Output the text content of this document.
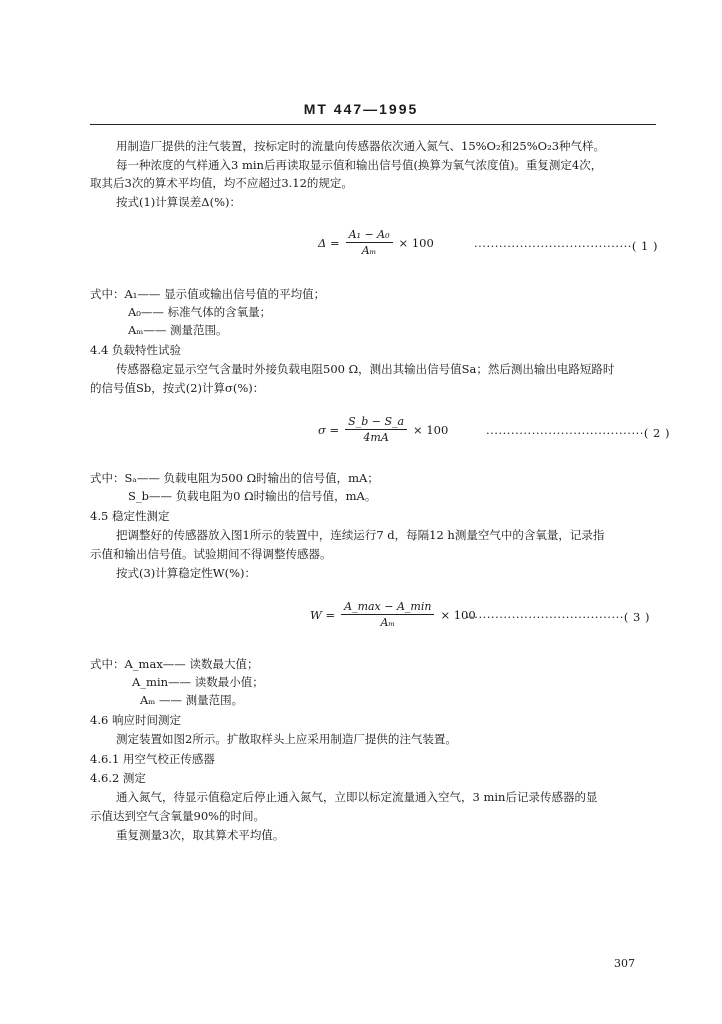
MT 447—1995
用制造厂提供的注气装置，按标定时的流量向传感器依次通入氮气、15%O₂和25%O₂3种气样。
每一种浓度的气样通入3 min后再读取显示值和输出信号值(换算为氧气浓度值)。重复测定4次，
取其后3次的算术平均值，均不应超过3.12的规定。
按式(1)计算误差Δ(%)：
$\Delta = \frac{\text{A₁ − A₀}}{\text{Aₘ}} \times 100$	······································( 1 )
式中：A₁—— 显示值或输出信号值的平均值；
A₀—— 标准气体的含氧量；
Aₘ—— 测量范围。
4.4 负载特性试验
传感器稳定显示空气含量时外接负载电阻500 Ω，测出其输出信号值Sa；然后测出输出电路短路时
的信号值Sb，按式(2)计算σ(%)：
$\sigma = \frac{S\_b - S\_a}{4mA} \times 100$	······································( 2 )
式中：Sₐ—— 负载电阻为500 Ω时输出的信号值，mA；
S_b—— 负载电阻为0 Ω时输出的信号值，mA。
4.5 稳定性测定
把调整好的传感器放入图1所示的装置中，连续运行7 d，每隔12 h测量空气中的含氧量，记录指
示值和输出信号值。试验期间不得调整传感器。
按式(3)计算稳定性W(%)：
$W = \frac{A\_\max - A\_\min}{\text{Aₘ}} \times 100$
······································( 3 )
式中：A_max—— 读数最大值；
A_min—— 读数最小值；
Aₘ —— 测量范围。
4.6 响应时间测定
测定装置如图2所示。扩散取样头上应采用制造厂提供的注气装置。
4.6.1 用空气校正传感器
4.6.2 测定
通入氮气，待显示值稳定后停止通入氮气，立即以标定流量通入空气，3 min后记录传感器的显
示值达到空气含氧量90%的时间。
重复测量3次，取其算术平均值。
307
